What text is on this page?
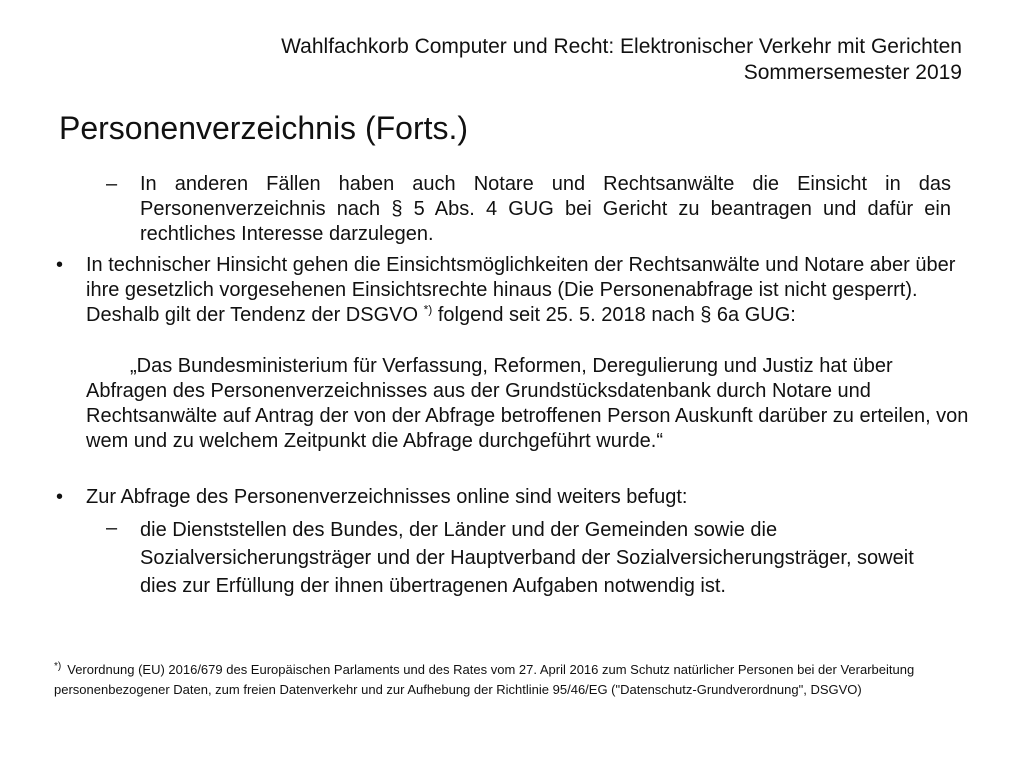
Wahlfachkorb Computer und Recht: Elektronischer Verkehr mit Gerichten
Sommersemester 2019
Personenverzeichnis (Forts.)
– In anderen Fällen haben auch Notare und Rechtsanwälte die Einsicht in das Personenverzeichnis nach § 5 Abs. 4 GUG bei Gericht zu beantragen und dafür ein rechtliches Interesse darzulegen.
• In technischer Hinsicht gehen die Einsichtsmöglichkeiten der Rechtsanwälte und Notare aber über ihre gesetzlich vorgesehenen Einsichtsrechte hinaus (Die Personenabfrage ist nicht gesperrt). Deshalb gilt der Tendenz der DSGVO *) folgend seit 25. 5. 2018 nach § 6a GUG:
„Das Bundesministerium für Verfassung, Reformen, Deregulierung und Justiz hat über Abfragen des Personenverzeichnisses aus der Grundstücksdatenbank durch Notare und Rechtsanwälte auf Antrag der von der Abfrage betroffenen Person Auskunft darüber zu erteilen, von wem und zu welchem Zeitpunkt die Abfrage durchgeführt wurde.“
• Zur Abfrage des Personenverzeichnisses online sind weiters befugt:
– die Dienststellen des Bundes, der Länder und der Gemeinden sowie die Sozialversicherungsträger und der Hauptverband der Sozialversicherungsträger, soweit dies zur Erfüllung der ihnen übertragenen Aufgaben notwendig ist.
*) Verordnung (EU) 2016/679 des Europäischen Parlaments und des Rates vom 27. April 2016 zum Schutz natürlicher Personen bei der Verarbeitung personenbezogener Daten, zum freien Datenverkehr und zur Aufhebung der Richtlinie 95/46/EG ("Datenschutz-Grundverordnung", DSGVO)
